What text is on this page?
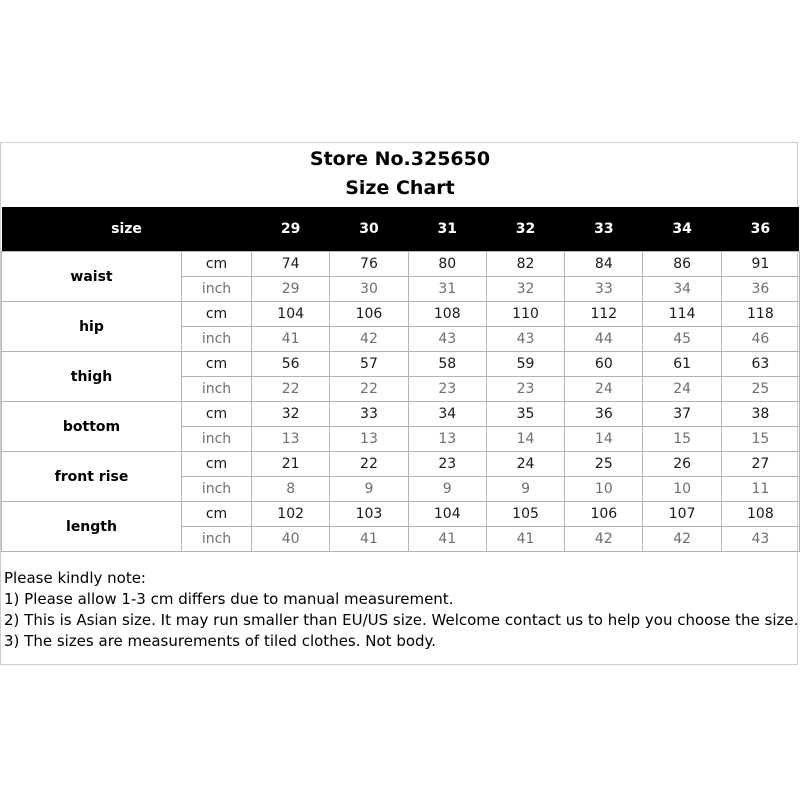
Store No.325650
Size Chart
size		29	30	31	32	33	34	36
waist	cm	74	76	80	82	84	86	91
	inch	29	30	31	32	33	34	36
hip	cm	104	106	108	110	112	114	118
	inch	41	42	43	43	44	45	46
thigh	cm	56	57	58	59	60	61	63
	inch	22	22	23	23	24	24	25
bottom	cm	32	33	34	35	36	37	38
	inch	13	13	13	14	14	15	15
front rise	cm	21	22	23	24	25	26	27
	inch	8	9	9	9	10	10	11
length	cm	102	103	104	105	106	107	108
	inch	40	41	41	41	42	42	43
Please kindly note:
1) Please allow 1-3 cm differs due to manual measurement.
2) This is Asian size. It may run smaller than EU/US size. Welcome contact us to help you choose the size.
3) The sizes are measurements of tiled clothes. Not body.
